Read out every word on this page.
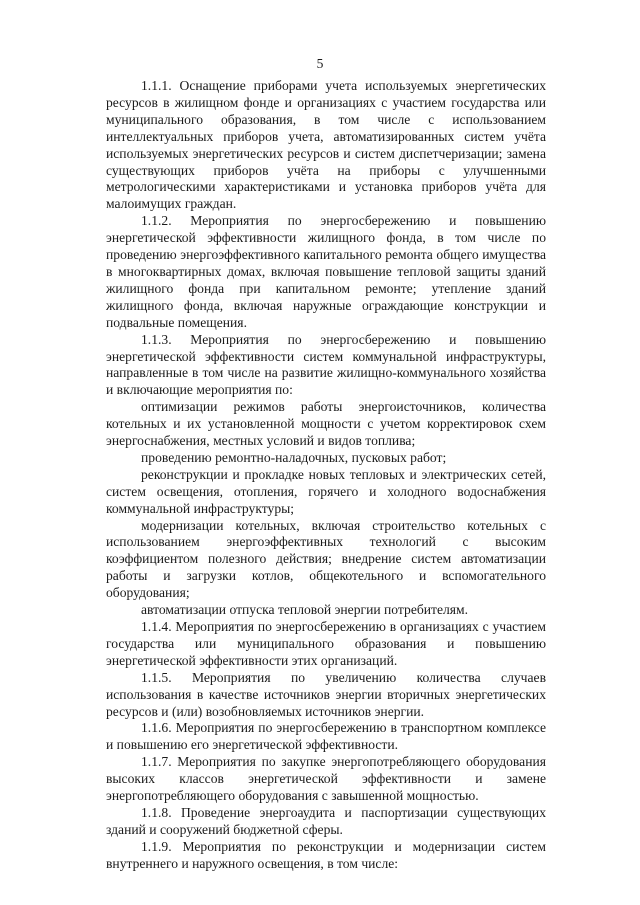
5

1.1.1. Оснащение приборами учета используемых энергетических ресурсов в жилищном фонде и организациях с участием государства или муниципального образования, в том числе с использованием интеллектуальных приборов учета, автоматизированных систем учёта используемых энергетических ресурсов и систем диспетчеризации; замена существующих приборов учёта на приборы с улучшенными метрологическими характеристиками и установка приборов учёта для малоимущих граждан.

1.1.2. Мероприятия по энергосбережению и повышению энергетической эффективности жилищного фонда, в том числе по проведению энергоэффективного капитального ремонта общего имущества в многоквартирных домах, включая повышение тепловой защиты зданий жилищного фонда при капитальном ремонте; утепление зданий жилищного фонда, включая наружные ограждающие конструкции и подвальные помещения.

1.1.3. Мероприятия по энергосбережению и повышению энергетической эффективности систем коммунальной инфраструктуры, направленные в том числе на развитие жилищно-коммунального хозяйства и включающие мероприятия по:

оптимизации режимов работы энергоисточников, количества котельных и их установленной мощности с учетом корректировок схем энергоснабжения, местных условий и видов топлива;

проведению ремонтно-наладочных, пусковых работ;

реконструкции и прокладке новых тепловых и электрических сетей, систем освещения, отопления, горячего и холодного водоснабжения коммунальной инфраструктуры;

модернизации котельных, включая строительство котельных с использованием энергоэффективных технологий с высоким коэффициентом полезного действия; внедрение систем автоматизации работы и загрузки котлов, общекотельного и вспомогательного оборудования;

автоматизации отпуска тепловой энергии потребителям.

1.1.4. Мероприятия по энергосбережению в организациях с участием государства или муниципального образования и повышению энергетической эффективности этих организаций.

1.1.5. Мероприятия по увеличению количества случаев использования в качестве источников энергии вторичных энергетических ресурсов и (или) возобновляемых источников энергии.

1.1.6. Мероприятия по энергосбережению в транспортном комплексе и повышению его энергетической эффективности.

1.1.7. Мероприятия по закупке энергопотребляющего оборудования высоких классов энергетической эффективности и замене энергопотребляющего оборудования с завышенной мощностью.

1.1.8. Проведение энергоаудита и паспортизации существующих зданий и сооружений бюджетной сферы.

1.1.9. Мероприятия по реконструкции и модернизации систем внутреннего и наружного освещения, в том числе:
